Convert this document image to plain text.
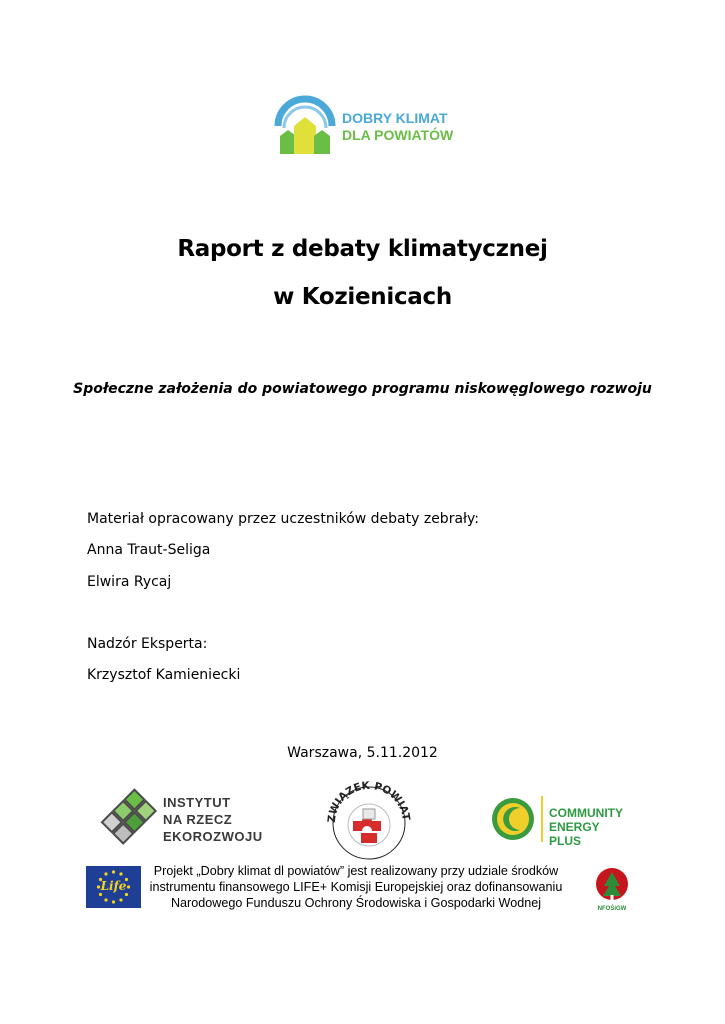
DOBRY KLIMAT
DLA POWIATÓW
Raport z debaty klimatycznej
w Kozienicach
Społeczne założenia do powiatowego programu niskowęglowego rozwoju
Materiał opracowany przez uczestników debaty zebrały:
Anna Traut-Seliga
Elwira Rycaj
Nadzór Eksperta:
Krzysztof Kamieniecki
Warszawa, 5.11.2012
INSTYTUT
NA RZECZ
EKOROZWOJU
ZWIĄZEK POWIAT	COMMUNITY
ENERGY PLUS
Life
Projekt „Dobry klimat dl powiatów” jest realizowany przy udziale środków
instrumentu finansowego LIFE+ Komisji Europejskiej oraz dofinansowaniu
Narodowego Funduszu Ochrony Środowiska i Gospodarki Wodnej	NFOŚiGW
